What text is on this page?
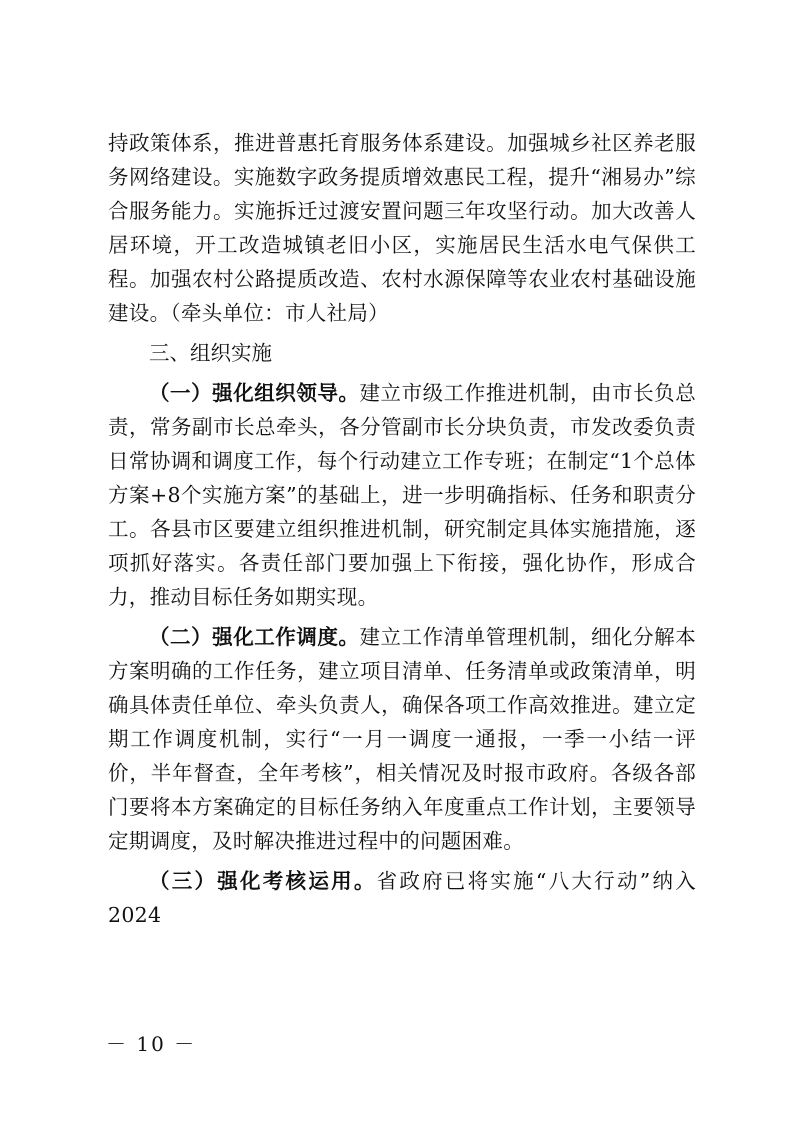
持政策体系，推进普惠托育服务体系建设。加强城乡社区养老服务网络建设。实施数字政务提质增效惠民工程，提升“湘易办”综合服务能力。实施拆迁过渡安置问题三年攻坚行动。加大改善人居环境，开工改造城镇老旧小区，实施居民生活水电气保供工程。加强农村公路提质改造、农村水源保障等农业农村基础设施建设。（牵头单位：市人社局）

三、组织实施

（一）强化组织领导。建立市级工作推进机制，由市长负总责，常务副市长总牵头，各分管副市长分块负责，市发改委负责日常协调和调度工作，每个行动建立工作专班；在制定“1个总体方案+8个实施方案”的基础上，进一步明确指标、任务和职责分工。各县市区要建立组织推进机制，研究制定具体实施措施，逐项抓好落实。各责任部门要加强上下衔接，强化协作，形成合力，推动目标任务如期实现。

（二）强化工作调度。建立工作清单管理机制，细化分解本方案明确的工作任务，建立项目清单、任务清单或政策清单，明确具体责任单位、牵头负责人，确保各项工作高效推进。建立定期工作调度机制，实行“一月一调度一通报，一季一小结一评价，半年督查，全年考核”，相关情况及时报市政府。各级各部门要将本方案确定的目标任务纳入年度重点工作计划，主要领导定期调度，及时解决推进过程中的问题困难。

（三）强化考核运用。省政府已将实施“八大行动”纳入2024

－ 10 －
